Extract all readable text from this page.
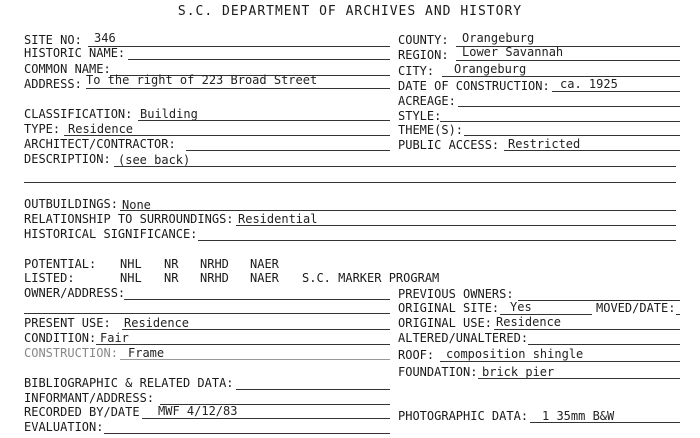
S.C. DEPARTMENT OF ARCHIVES AND HISTORY
SITE NO: 346
HISTORIC NAME:
COMMON NAME:
ADDRESS: To the right of 223 Broad Street
CLASSIFICATION: Building
TYPE: Residence
ARCHITECT/CONTRACTOR:
DESCRIPTION: (see back)
OUTBUILDINGS: None
RELATIONSHIP TO SURROUNDINGS: Residential
HISTORICAL SIGNIFICANCE:
POTENTIAL: NHL NR NRHD NAER
LISTED:	NHL NR NRHD NAER S.C. MARKER PROGRAM
OWNER/ADDRESS:
PRESENT USE: Residence
CONDITION: Fair
CONSTRUCTION: Frame
BIBLIOGRAPHIC & RELATED DATA:
INFORMANT/ADDRESS:
RECORDED BY/DATE MWF 4/12/83
EVALUATION:
COUNTY: Orangeburg
REGION: Lower Savannah
CITY: Orangeburg
DATE OF CONSTRUCTION: ca. 1925
ACREAGE:
STYLE:
THEME(S):
PUBLIC ACCESS: Restricted
PREVIOUS OWNERS:
ORIGINAL SITE: Yes	MOVED/DATE:
ORIGINAL USE: Residence
ALTERED/UNALTERED:
ROOF: composition shingle
FOUNDATION: brick pier
PHOTOGRAPHIC DATA: 1 35mm B&W
